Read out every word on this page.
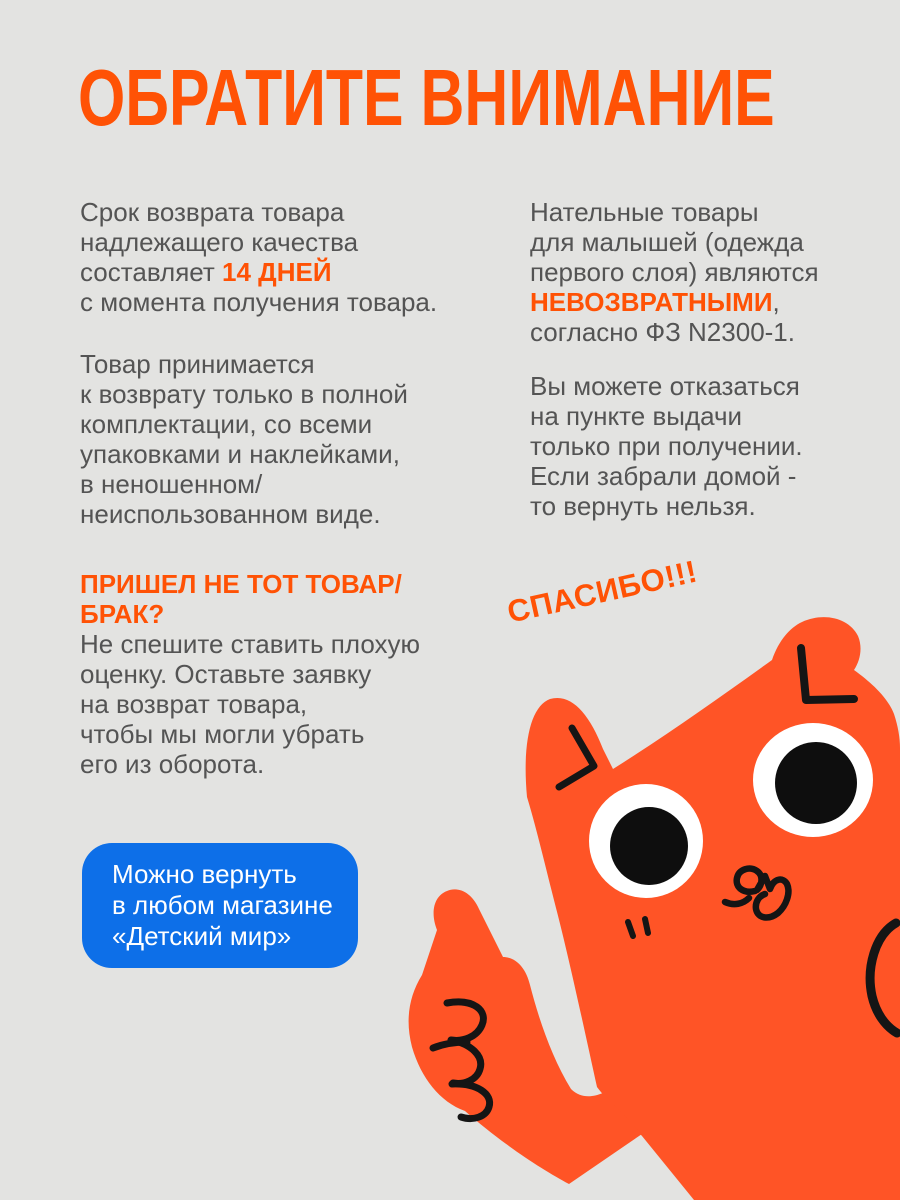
ОБРАТИТЕ ВНИМАНИЕ
Срок возврата товара
надлежащего качества
составляет 14 ДНЕЙ
с момента получения товара.
Товар принимается
к возврату только в полной
комплектации, со всеми
упаковками и наклейками,
в неношенном/
неиспользованном виде.
ПРИШЕЛ НЕ ТОТ ТОВАР/
БРАК?
Не спешите ставить плохую
оценку. Оставьте заявку
на возврат товара,
чтобы мы могли убрать
его из оборота.
Нательные товары
для малышей (одежда
первого слоя) являются
НЕВОЗВРАТНЫМИ,
согласно ФЗ N2300-1.
Вы можете отказаться
на пункте выдачи
только при получении.
Если забрали домой -
то вернуть нельзя.
СПАСИБО!!!
Можно вернуть
в любом магазине
«Детский мир»
